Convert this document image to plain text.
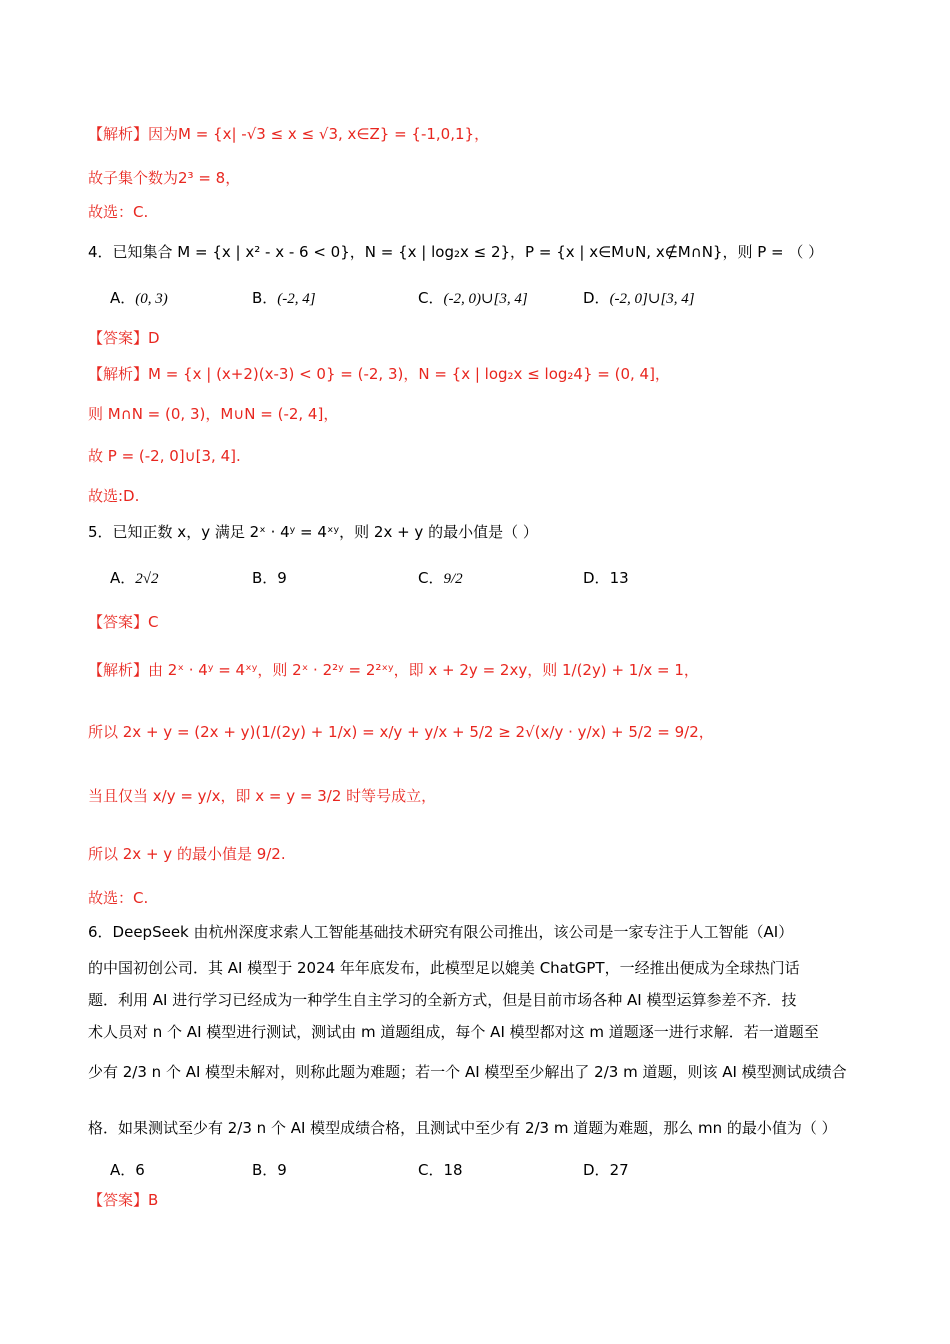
【解析】因为M = {x| -√3 ≤ x ≤ √3, x∈Z} = {-1,0,1}，
故子集个数为2³ = 8，
故选：C.
4．已知集合 M = {x | x² - x - 6 < 0}，N = {x | log₂x ≤ 2}，P = {x | x∈M∪N, x∉M∩N}，则 P = （ ）
A．(0, 3)	B．(-2, 4]	C．(-2, 0)∪[3, 4]	D．(-2, 0]∪[3, 4]
【答案】D
【解析】M = {x | (x+2)(x-3) < 0} = (-2, 3)，N = {x | log₂x ≤ log₂4} = (0, 4]，
则 M∩N = (0, 3)，M∪N = (-2, 4]，
故 P = (-2, 0]∪[3, 4].
故选:D.
5．已知正数 x，y 满足 2ˣ · 4ʸ = 4ˣʸ，则 2x + y 的最小值是（ ）
A．2√2	B．9	C．9/2	D．13
【答案】C
【解析】由 2ˣ · 4ʸ = 4ˣʸ，则 2ˣ · 2²ʸ = 2²ˣʸ，即 x + 2y = 2xy，则 1/(2y) + 1/x = 1，
所以 2x + y = (2x + y)(1/(2y) + 1/x) = x/y + y/x + 5/2 ≥ 2√(x/y · y/x) + 5/2 = 9/2，
当且仅当 x/y = y/x，即 x = y = 3/2 时等号成立，
所以 2x + y 的最小值是 9/2.
故选：C.
6．DeepSeek 由杭州深度求索人工智能基础技术研究有限公司推出，该公司是一家专注于人工智能（AI）
的中国初创公司．其 AI 模型于 2024 年年底发布，此模型足以媲美 ChatGPT，一经推出便成为全球热门话
题．利用 AI 进行学习已经成为一种学生自主学习的全新方式，但是目前市场各种 AI 模型运算参差不齐．技
术人员对 n 个 AI 模型进行测试，测试由 m 道题组成，每个 AI 模型都对这 m 道题逐一进行求解．若一道题至
少有 2/3 n 个 AI 模型未解对，则称此题为难题；若一个 AI 模型至少解出了 2/3 m 道题，则该 AI 模型测试成绩合
格．如果测试至少有 2/3 n 个 AI 模型成绩合格，且测试中至少有 2/3 m 道题为难题，那么 mn 的最小值为（ ）
A．6	B．9	C．18	D．27
【答案】B
